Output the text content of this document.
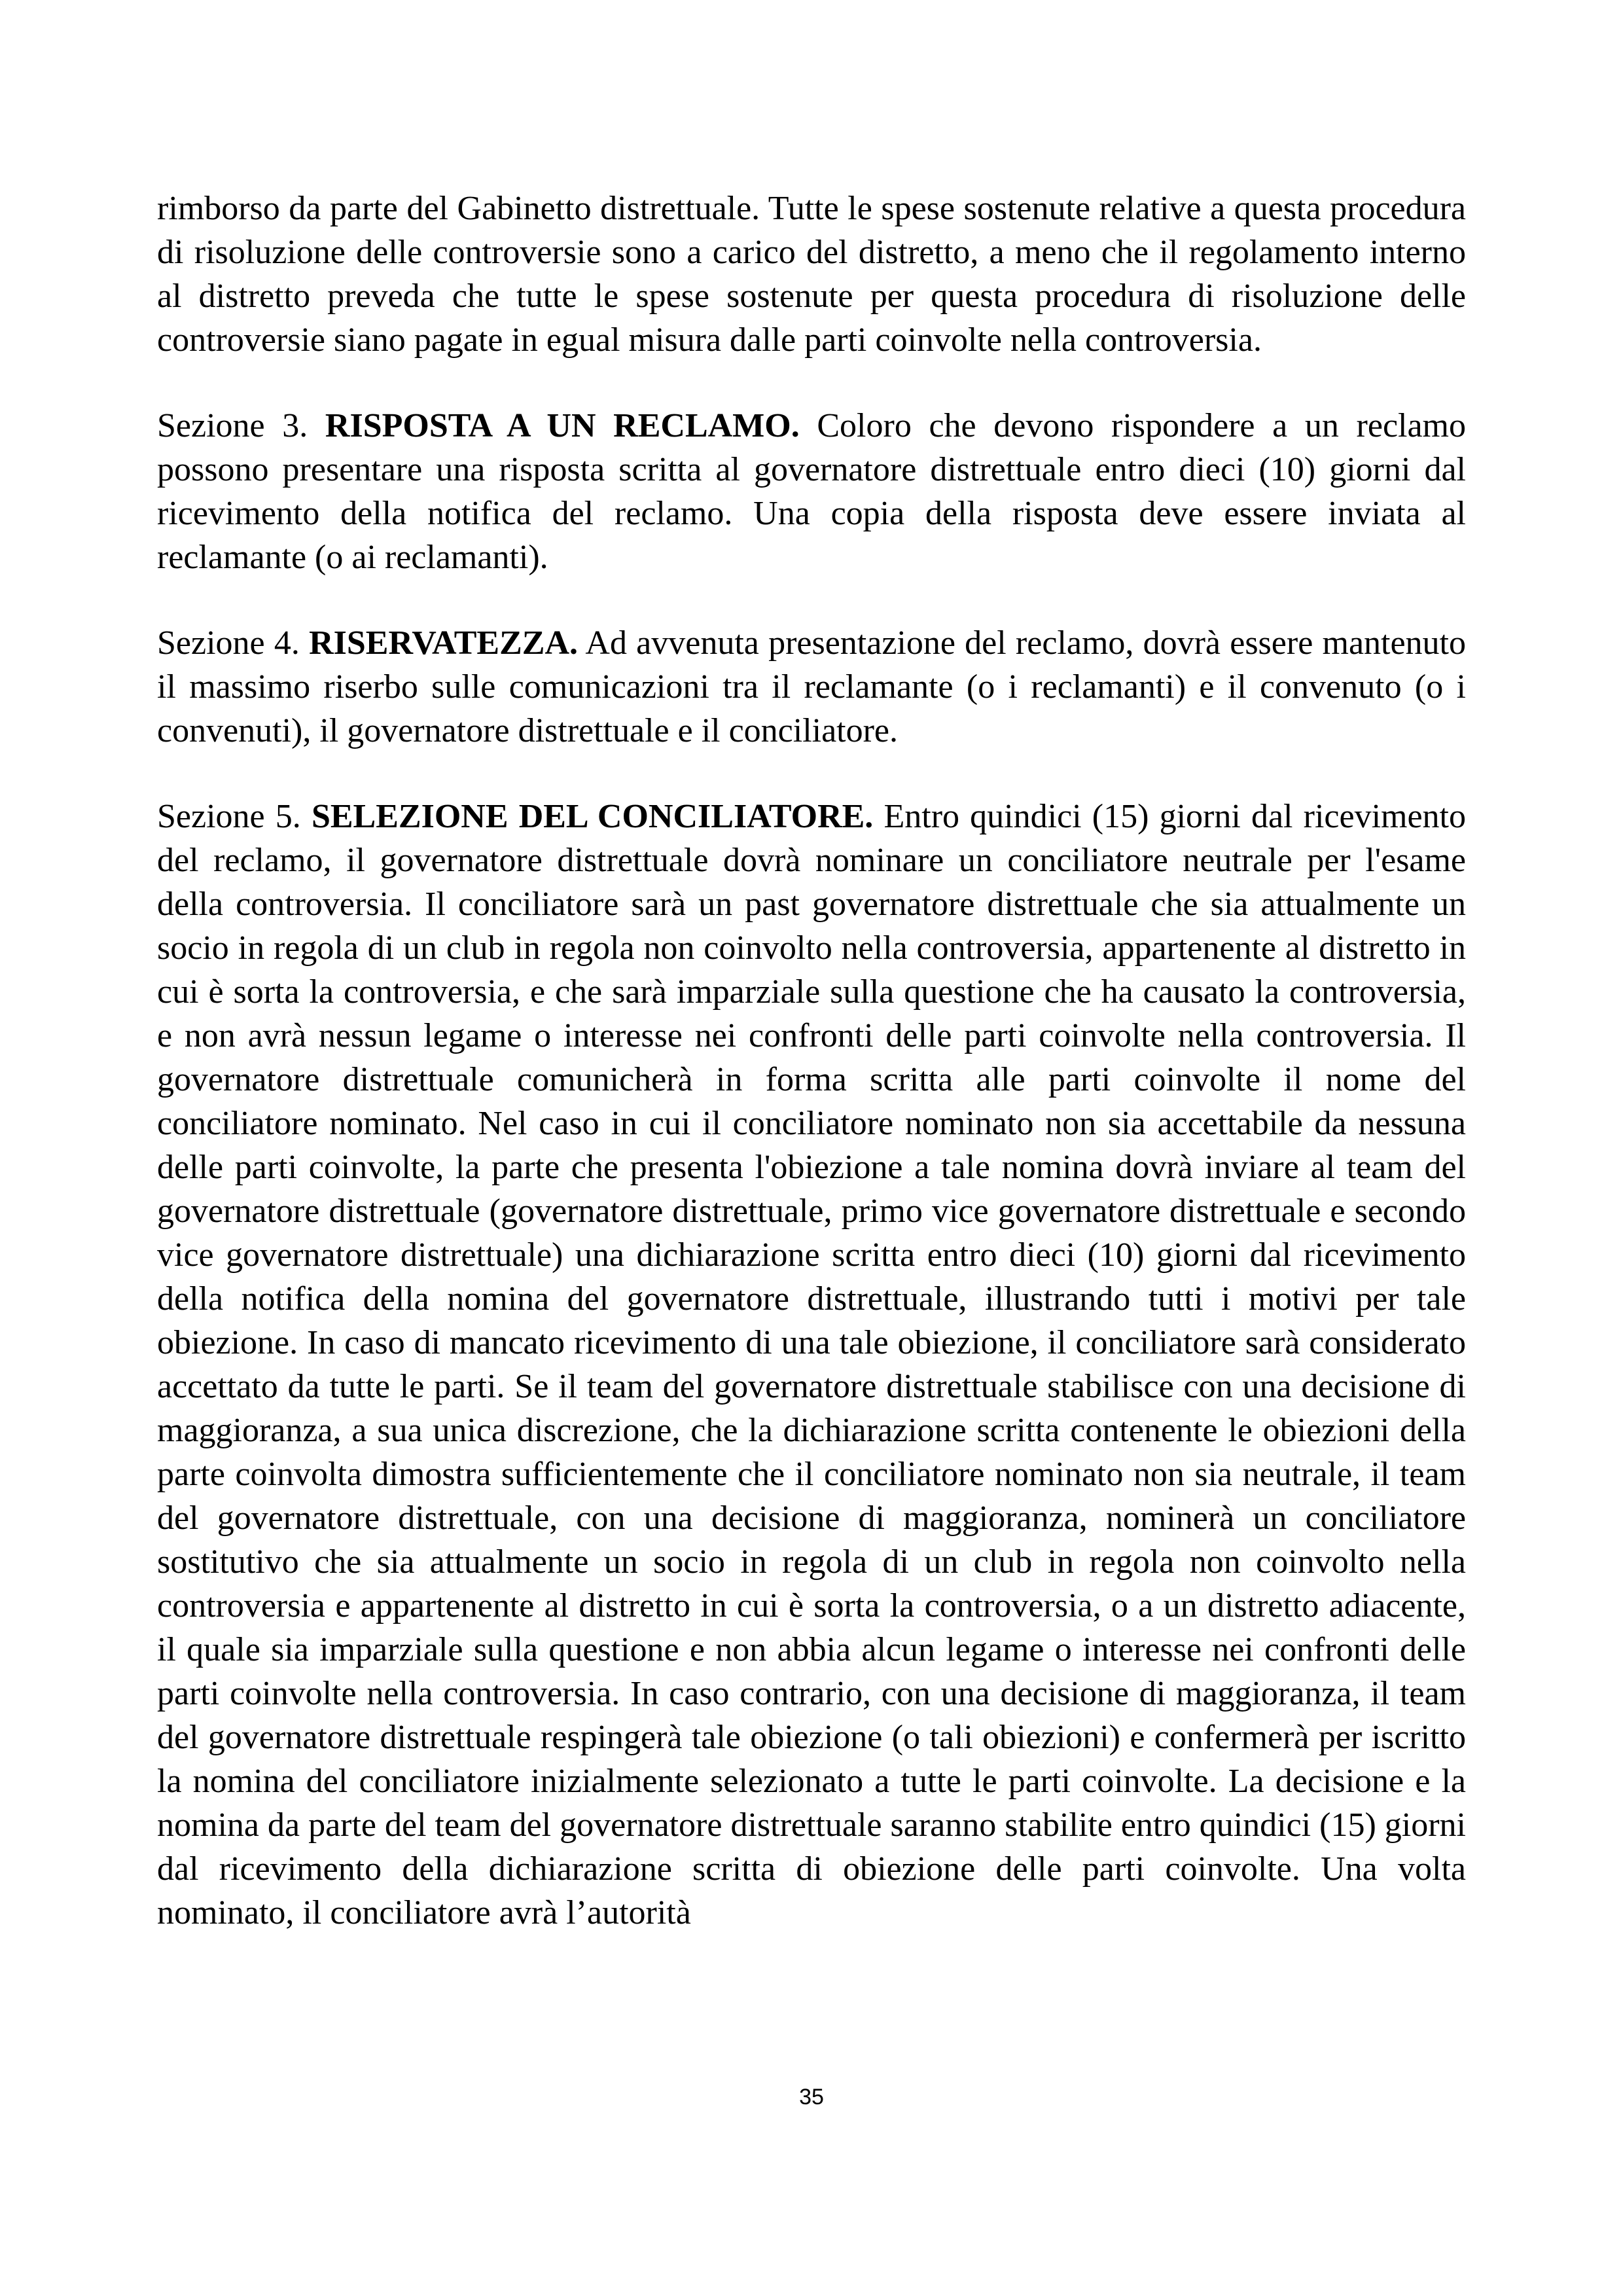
rimborso da parte del Gabinetto distrettuale. Tutte le spese sostenute relative a questa procedura di risoluzione delle controversie sono a carico del distretto, a meno che il regolamento interno al distretto preveda che tutte le spese sostenute per questa procedura di risoluzione delle controversie siano pagate in egual misura dalle parti coinvolte nella controversia.

Sezione 3. RISPOSTA A UN RECLAMO. Coloro che devono rispondere a un reclamo possono presentare una risposta scritta al governatore distrettuale entro dieci (10) giorni dal ricevimento della notifica del reclamo. Una copia della risposta deve essere inviata al reclamante (o ai reclamanti).

Sezione 4. RISERVATEZZA. Ad avvenuta presentazione del reclamo, dovrà essere mantenuto il massimo riserbo sulle comunicazioni tra il reclamante (o i reclamanti) e il convenuto (o i convenuti), il governatore distrettuale e il conciliatore.

Sezione 5. SELEZIONE DEL CONCILIATORE. Entro quindici (15) giorni dal ricevimento del reclamo, il governatore distrettuale dovrà nominare un conciliatore neutrale per l'esame della controversia. Il conciliatore sarà un past governatore distrettuale che sia attualmente un socio in regola di un club in regola non coinvolto nella controversia, appartenente al distretto in cui è sorta la controversia, e che sarà imparziale sulla questione che ha causato la controversia, e non avrà nessun legame o interesse nei confronti delle parti coinvolte nella controversia. Il governatore distrettuale comunicherà in forma scritta alle parti coinvolte il nome del conciliatore nominato. Nel caso in cui il conciliatore nominato non sia accettabile da nessuna delle parti coinvolte, la parte che presenta l'obiezione a tale nomina dovrà inviare al team del governatore distrettuale (governatore distrettuale, primo vice governatore distrettuale e secondo vice governatore distrettuale) una dichiarazione scritta entro dieci (10) giorni dal ricevimento della notifica della nomina del governatore distrettuale, illustrando tutti i motivi per tale obiezione. In caso di mancato ricevimento di una tale obiezione, il conciliatore sarà considerato accettato da tutte le parti. Se il team del governatore distrettuale stabilisce con una decisione di maggioranza, a sua unica discrezione, che la dichiarazione scritta contenente le obiezioni della parte coinvolta dimostra sufficientemente che il conciliatore nominato non sia neutrale, il team del governatore distrettuale, con una decisione di maggioranza, nominerà un conciliatore sostitutivo che sia attualmente un socio in regola di un club in regola non coinvolto nella controversia e appartenente al distretto in cui è sorta la controversia, o a un distretto adiacente, il quale sia imparziale sulla questione e non abbia alcun legame o interesse nei confronti delle parti coinvolte nella controversia. In caso contrario, con una decisione di maggioranza, il team del governatore distrettuale respingerà tale obiezione (o tali obiezioni) e confermerà per iscritto la nomina del conciliatore inizialmente selezionato a tutte le parti coinvolte. La decisione e la nomina da parte del team del governatore distrettuale saranno stabilite entro quindici (15) giorni dal ricevimento della dichiarazione scritta di obiezione delle parti coinvolte. Una volta nominato, il conciliatore avrà l’autorità

35
